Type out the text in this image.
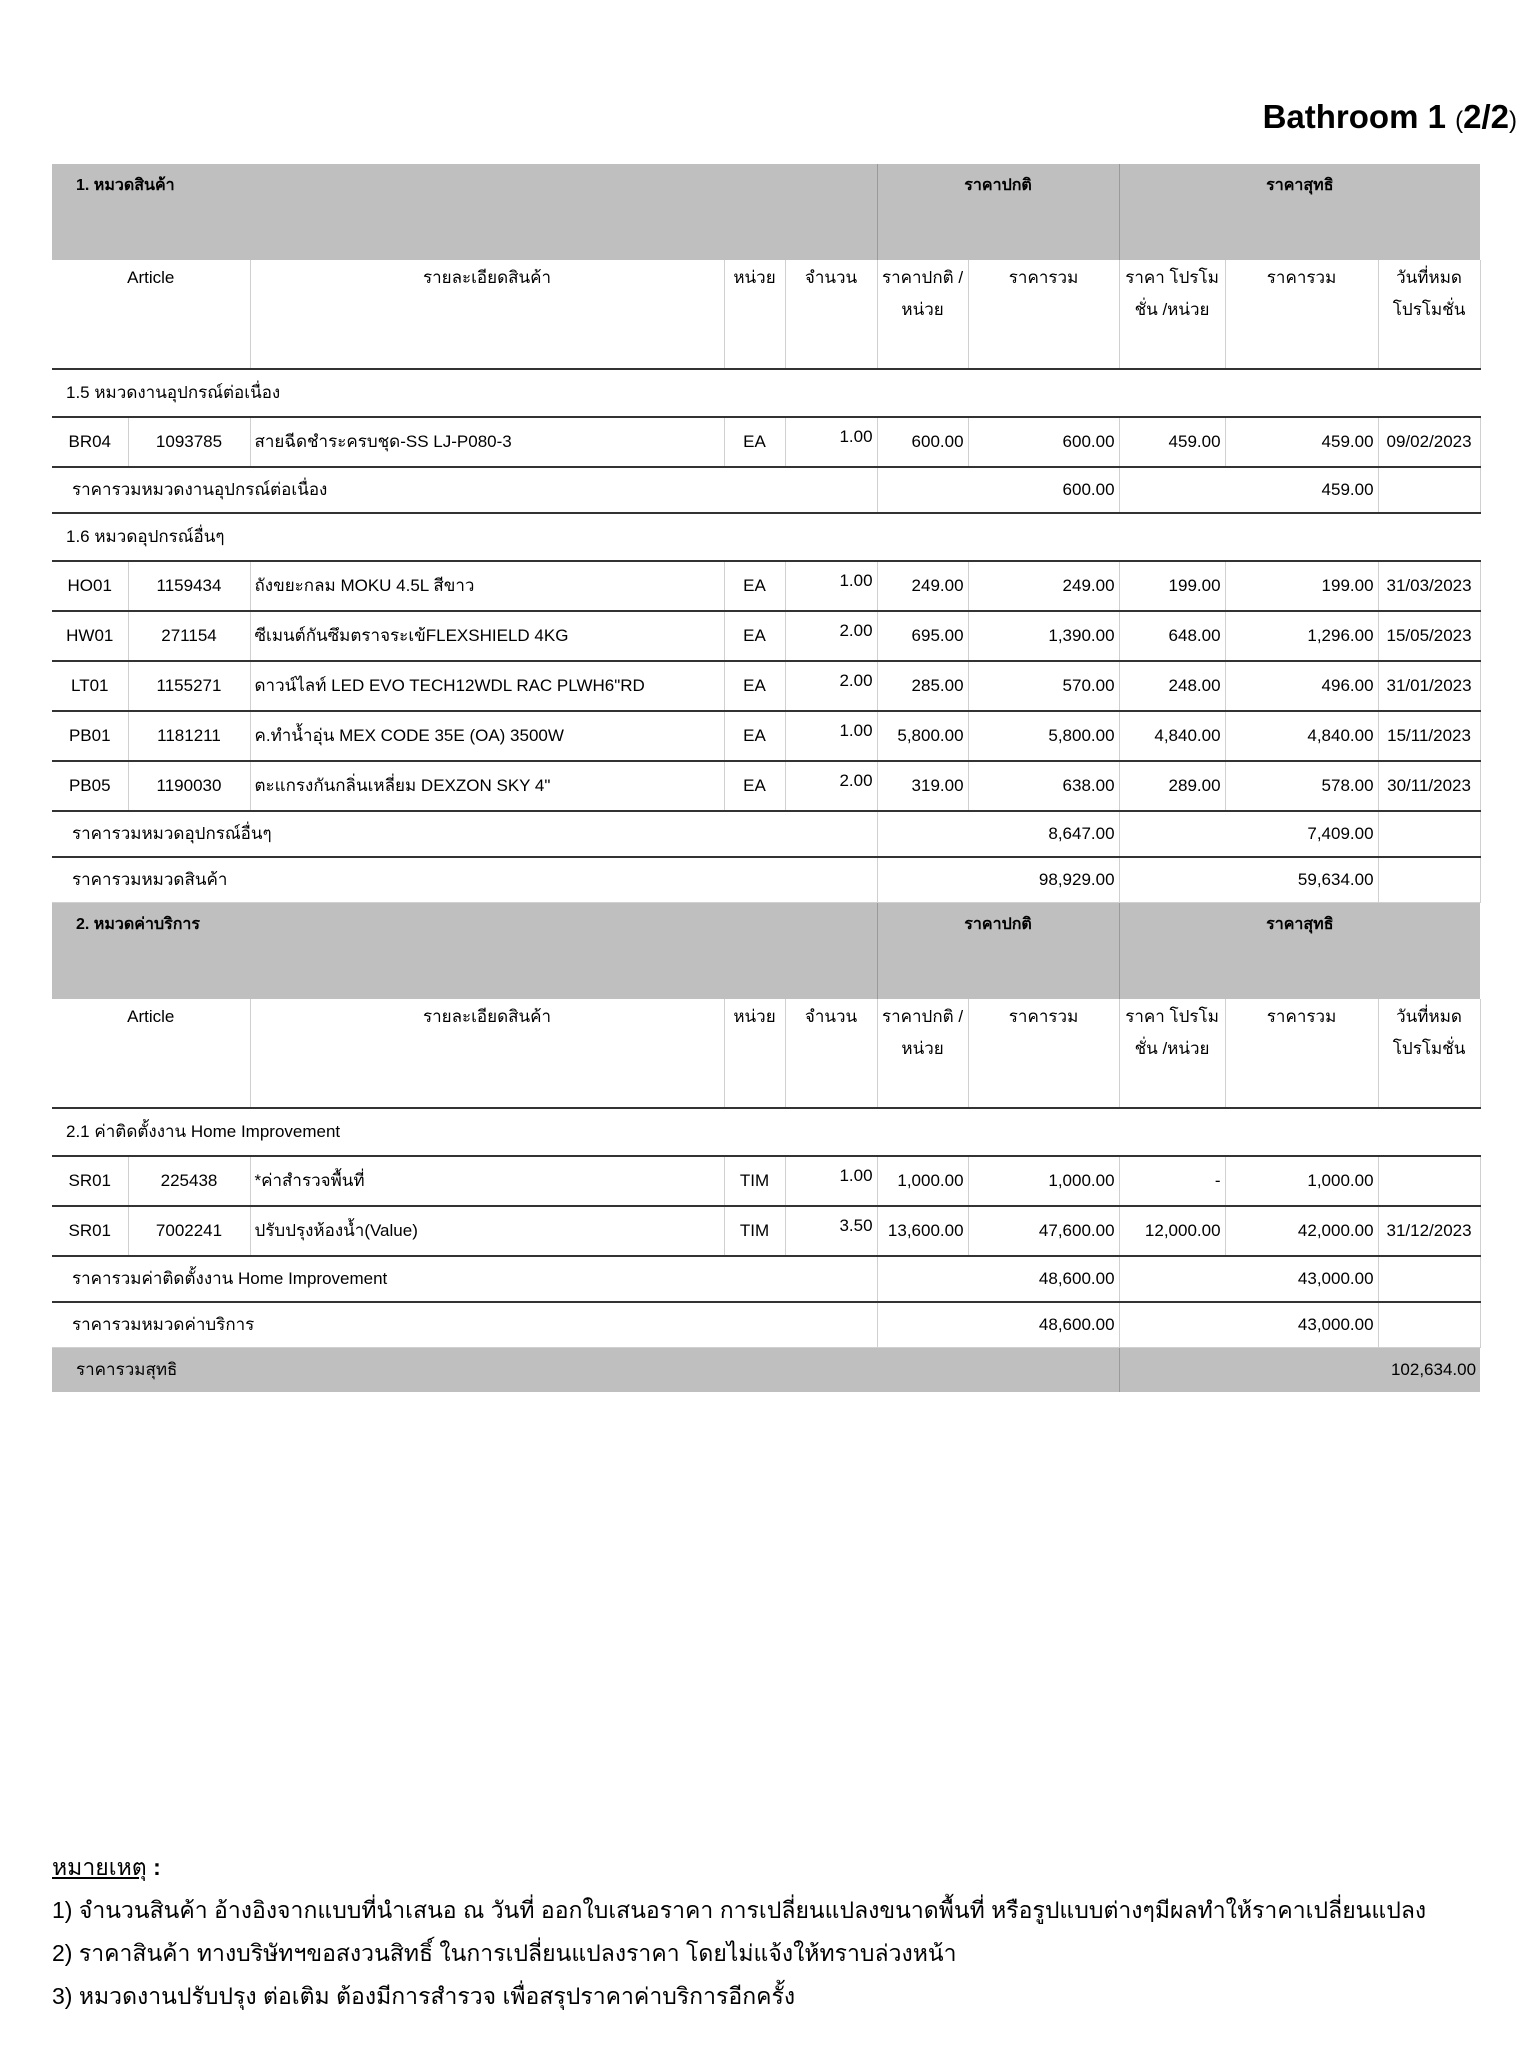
Bathroom 1 (2/2)
1. หมวดสินค้า					ราคาปกติ		ราคาสุทธิ		
Article		รายละเอียดสินค้า	หน่วย	จำนวน	ราคาปกติ /หน่วย	ราคารวม	ราคา โปรโมชั่น /หน่วย	ราคารวม	วันที่หมด โปรโมชั่น
1.5 หมวดงานอุปกรณ์ต่อเนื่อง									
BR04	1093785	สายฉีดชำระครบชุด-SS LJ-P080-3	EA	1.00	600.00	600.00	459.00	459.00	09/02/2023
ราคารวมหมวดงานอุปกรณ์ต่อเนื่อง					600.00		459.00		
1.6 หมวดอุปกรณ์อื่นๆ									
HO01	1159434	ถังขยะกลม MOKU 4.5L สีขาว	EA	1.00	249.00	249.00	199.00	199.00	31/03/2023
HW01	271154	ซีเมนต์กันซึมตราจระเข้FLEXSHIELD 4KG	EA	2.00	695.00	1,390.00	648.00	1,296.00	15/05/2023
LT01	1155271	ดาวน์ไลท์ LED EVO TECH12WDL RAC PLWH6"RD	EA	2.00	285.00	570.00	248.00	496.00	31/01/2023
PB01	1181211	ค.ทำน้ำอุ่น MEX CODE 35E (OA) 3500W	EA	1.00	5,800.00	5,800.00	4,840.00	4,840.00	15/11/2023
PB05	1190030	ตะแกรงกันกลิ่นเหลี่ยม DEXZON SKY 4"	EA	2.00	319.00	638.00	289.00	578.00	30/11/2023
ราคารวมหมวดอุปกรณ์อื่นๆ					8,647.00		7,409.00		
ราคารวมหมวดสินค้า					98,929.00		59,634.00		
2. หมวดค่าบริการ					ราคาปกติ		ราคาสุทธิ		
Article		รายละเอียดสินค้า	หน่วย	จำนวน	ราคาปกติ /หน่วย	ราคารวม	ราคา โปรโมชั่น /หน่วย	ราคารวม	วันที่หมด โปรโมชั่น
2.1 ค่าติดตั้งงาน Home Improvement									
SR01	225438	*ค่าสำรวจพื้นที่	TIM	1.00	1,000.00	1,000.00	-	1,000.00	
SR01	7002241	ปรับปรุงห้องน้ำ(Value)	TIM	3.50	13,600.00	47,600.00	12,000.00	42,000.00	31/12/2023
ราคารวมค่าติดตั้งงาน Home Improvement					48,600.00		43,000.00		
ราคารวมหมวดค่าบริการ					48,600.00		43,000.00		
ราคารวมสุทธิ							102,634.00		
หมายเหตุ :
1) จำนวนสินค้า อ้างอิงจากแบบที่นำเสนอ ณ วันที่ ออกใบเสนอราคา การเปลี่ยนแปลงขนาดพื้นที่ หรือรูปแบบต่างๆมีผลทำให้ราคาเปลี่ยนแปลง
2) ราคาสินค้า ทางบริษัทฯขอสงวนสิทธิ์ ในการเปลี่ยนแปลงราคา โดยไม่แจ้งให้ทราบล่วงหน้า
3) หมวดงานปรับปรุง ต่อเติม ต้องมีการสำรวจ เพื่อสรุปราคาค่าบริการอีกครั้ง
